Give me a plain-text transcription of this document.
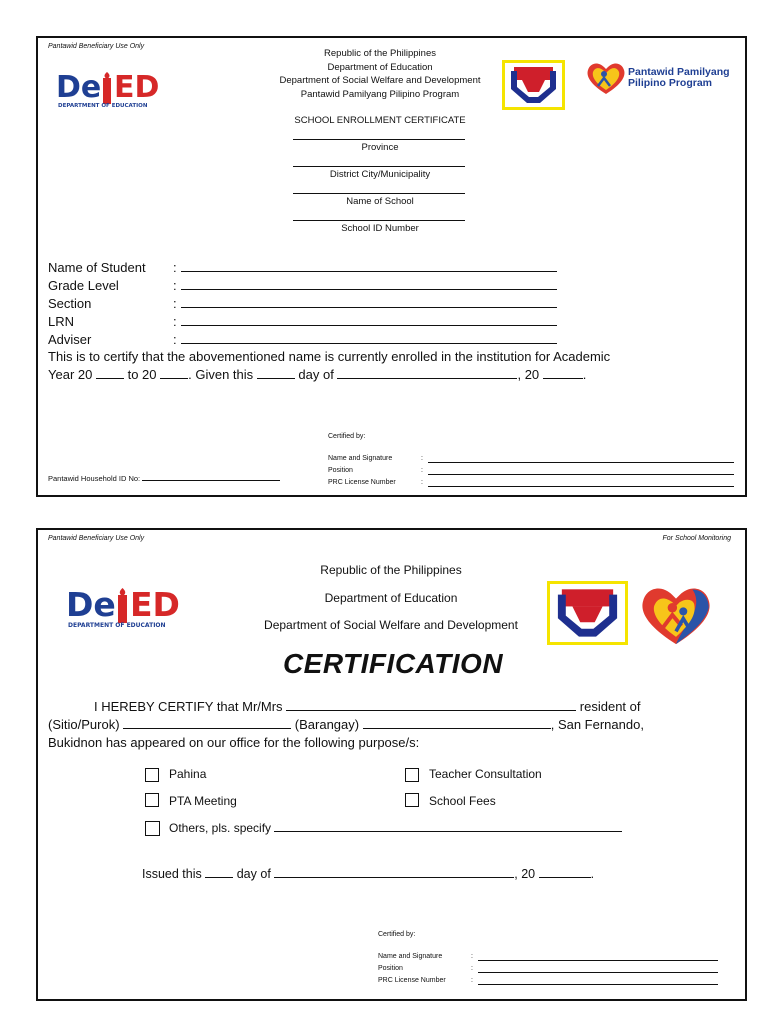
Pantawid Beneficiary Use Only
De ED
DEPARTMENT OF EDUCATION
Republic of the Philippines
Department of Education
Department of Social Welfare and Development
Pantawid Pamilyang Pilipino Program
Pantawid Pamilyang
Pilipino Program
SCHOOL ENROLLMENT CERTIFICATE
Province
District City/Municipality
Name of School
School ID Number
Name of Student :
Grade Level	:
Section	:
LRN	:
Adviser	:
This is to certify that the abovementioned name is currently enrolled in the institution for Academic
Year 20	to 20 . Given this	day of	, 20	.
Certified by:
Name and Signature	:
Position	:
PRC License Number	:
Pantawid Household ID No:
Pantawid Beneficiary Use Only	For School Monitoring
De ED
DEPARTMENT OF EDUCATION
Republic of the Philippines
Department of Education
Department of Social Welfare and Development
CERTIFICATION
I HEREBY CERTIFY that Mr/Mrs	resident of
(Sitio/Purok)	(Barangay)	, San Fernando,
Bukidnon has appeared on our office for the following purpose/s:
Pahina	Teacher Consultation
PTA Meeting	School Fees
Others, pls. specify
Issued this	day of	, 20	.
Certified by:
Name and Signature	:
Position	:
PRC License Number	:
